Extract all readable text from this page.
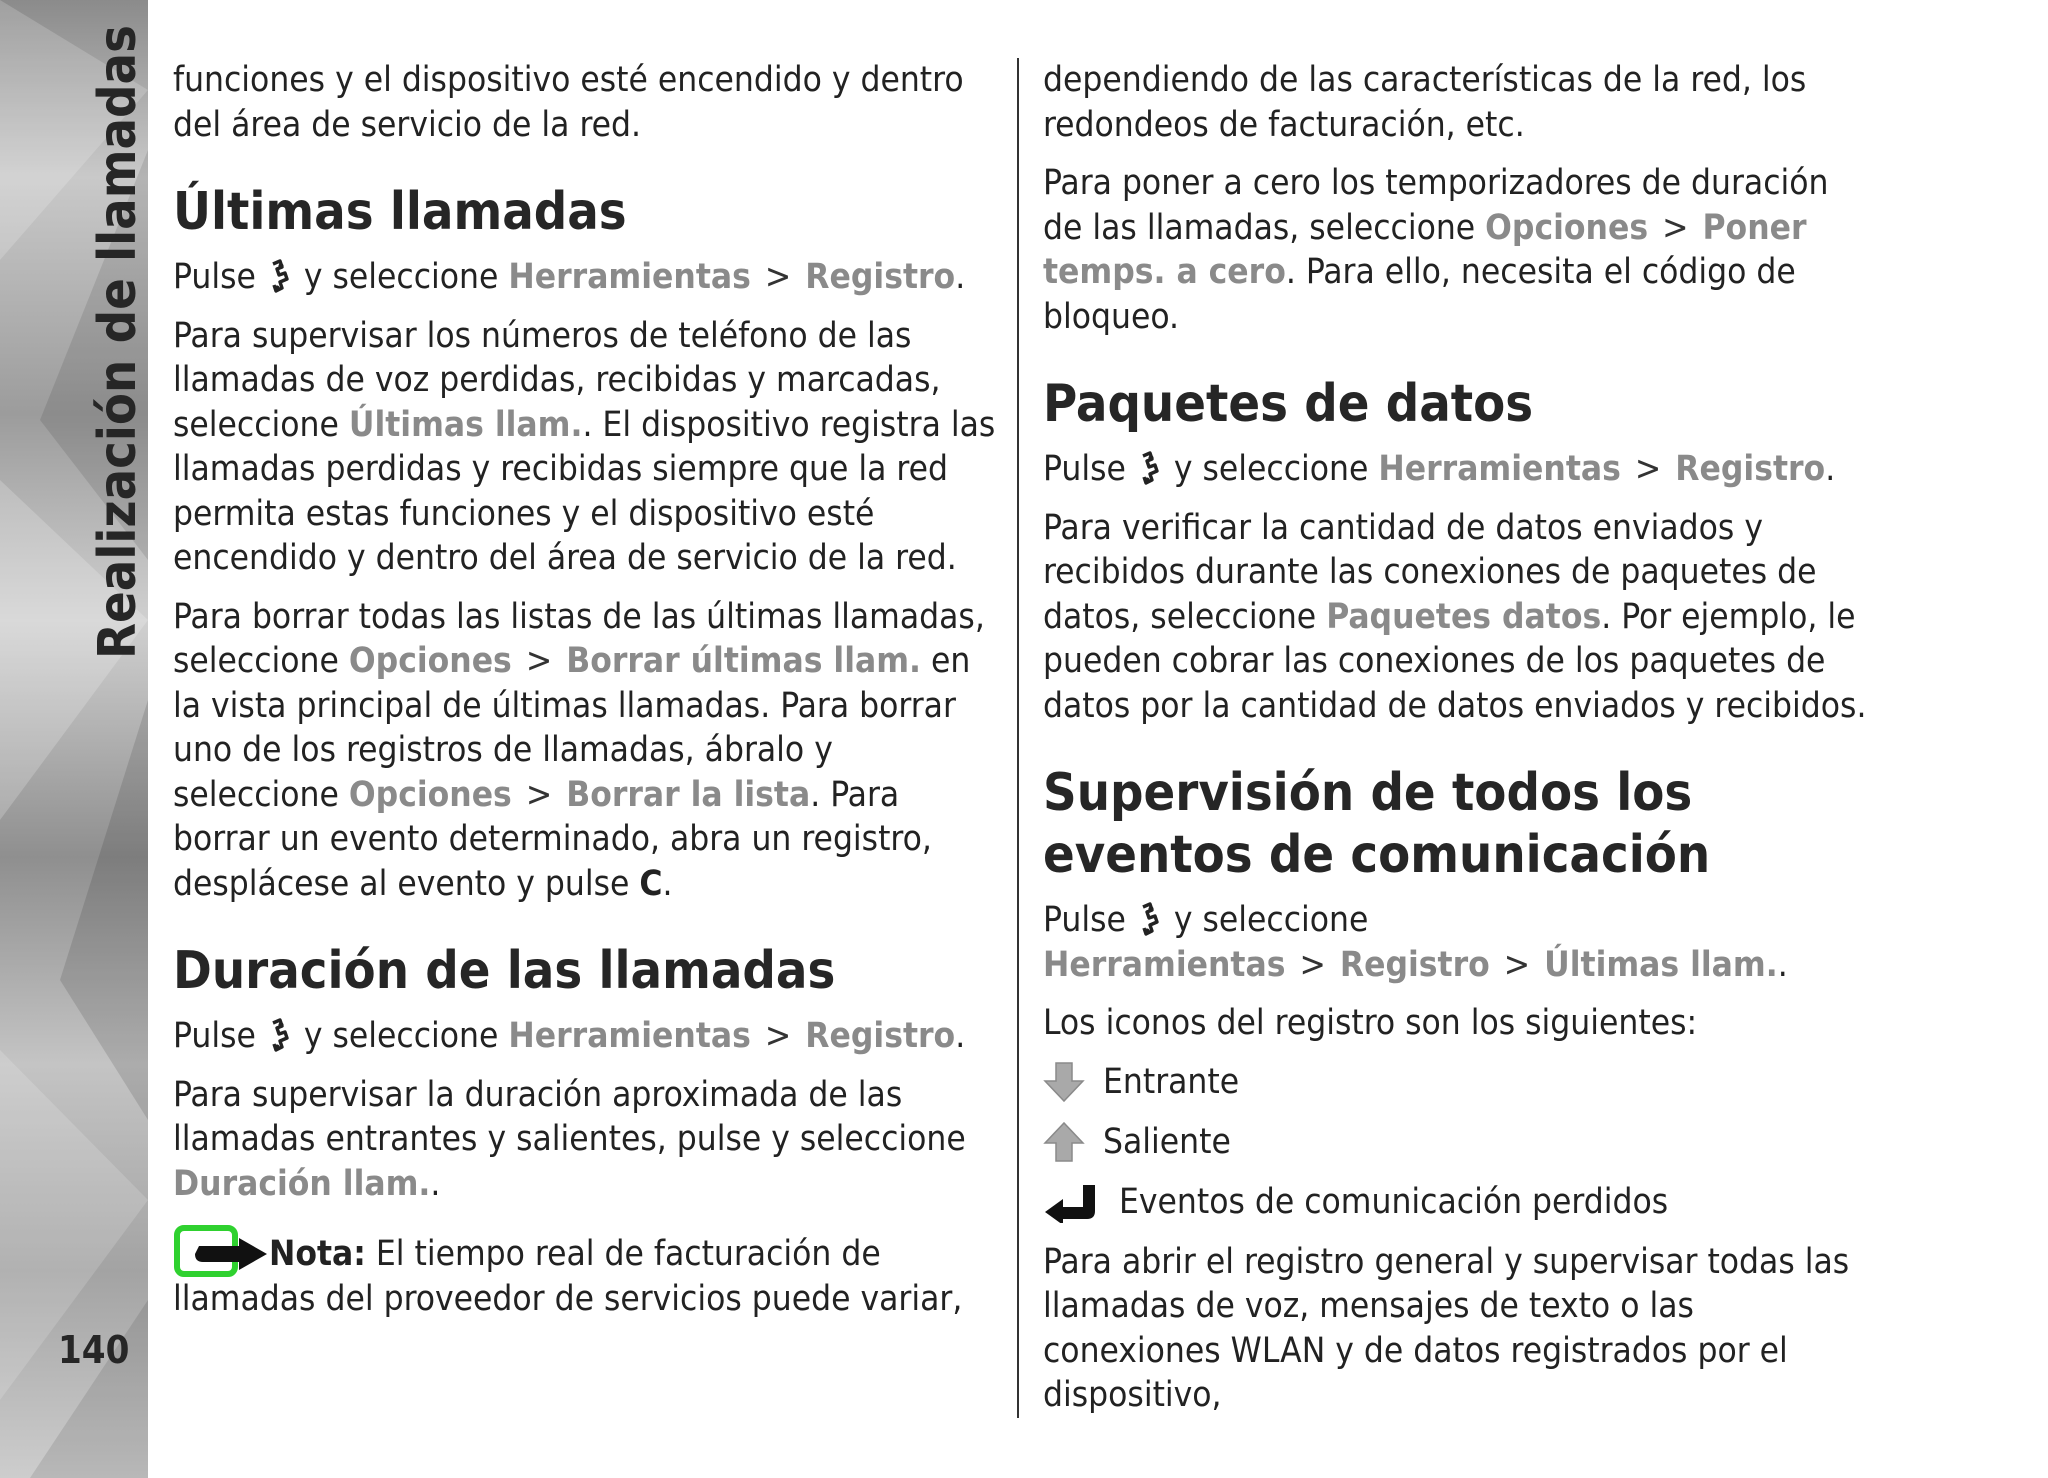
Realización de llamadas
140

funciones y el dispositivo esté encendido y dentro del área de servicio de la red.

Últimas llamadas

Pulse y seleccione Herramientas > Registro.

Para supervisar los números de teléfono de las llamadas de voz perdidas, recibidas y marcadas, seleccione Últimas llam.. El dispositivo registra las llamadas perdidas y recibidas siempre que la red permita estas funciones y el dispositivo esté encendido y dentro del área de servicio de la red.

Para borrar todas las listas de las últimas llamadas, seleccione Opciones > Borrar últimas llam. en la vista principal de últimas llamadas. Para borrar uno de los registros de llamadas, ábralo y seleccione Opciones > Borrar la lista. Para borrar un evento determinado, abra un registro, desplácese al evento y pulse C.

Duración de las llamadas

Pulse y seleccione Herramientas > Registro.

Para supervisar la duración aproximada de las llamadas entrantes y salientes, pulse y seleccione Duración llam..

Nota: El tiempo real de facturación de llamadas del proveedor de servicios puede variar,

dependiendo de las características de la red, los redondeos de facturación, etc.

Para poner a cero los temporizadores de duración de las llamadas, seleccione Opciones > Poner temps. a cero. Para ello, necesita el código de bloqueo.

Paquetes de datos

Pulse y seleccione Herramientas > Registro.

Para verificar la cantidad de datos enviados y recibidos durante las conexiones de paquetes de datos, seleccione Paquetes datos. Por ejemplo, le pueden cobrar las conexiones de los paquetes de datos por la cantidad de datos enviados y recibidos.

Supervisión de todos los eventos de comunicación

Pulse y seleccione Herramientas > Registro > Últimas llam..

Los iconos del registro son los siguientes:

Entrante
Saliente
Eventos de comunicación perdidos

Para abrir el registro general y supervisar todas las llamadas de voz, mensajes de texto o las conexiones WLAN y de datos registrados por el dispositivo,
